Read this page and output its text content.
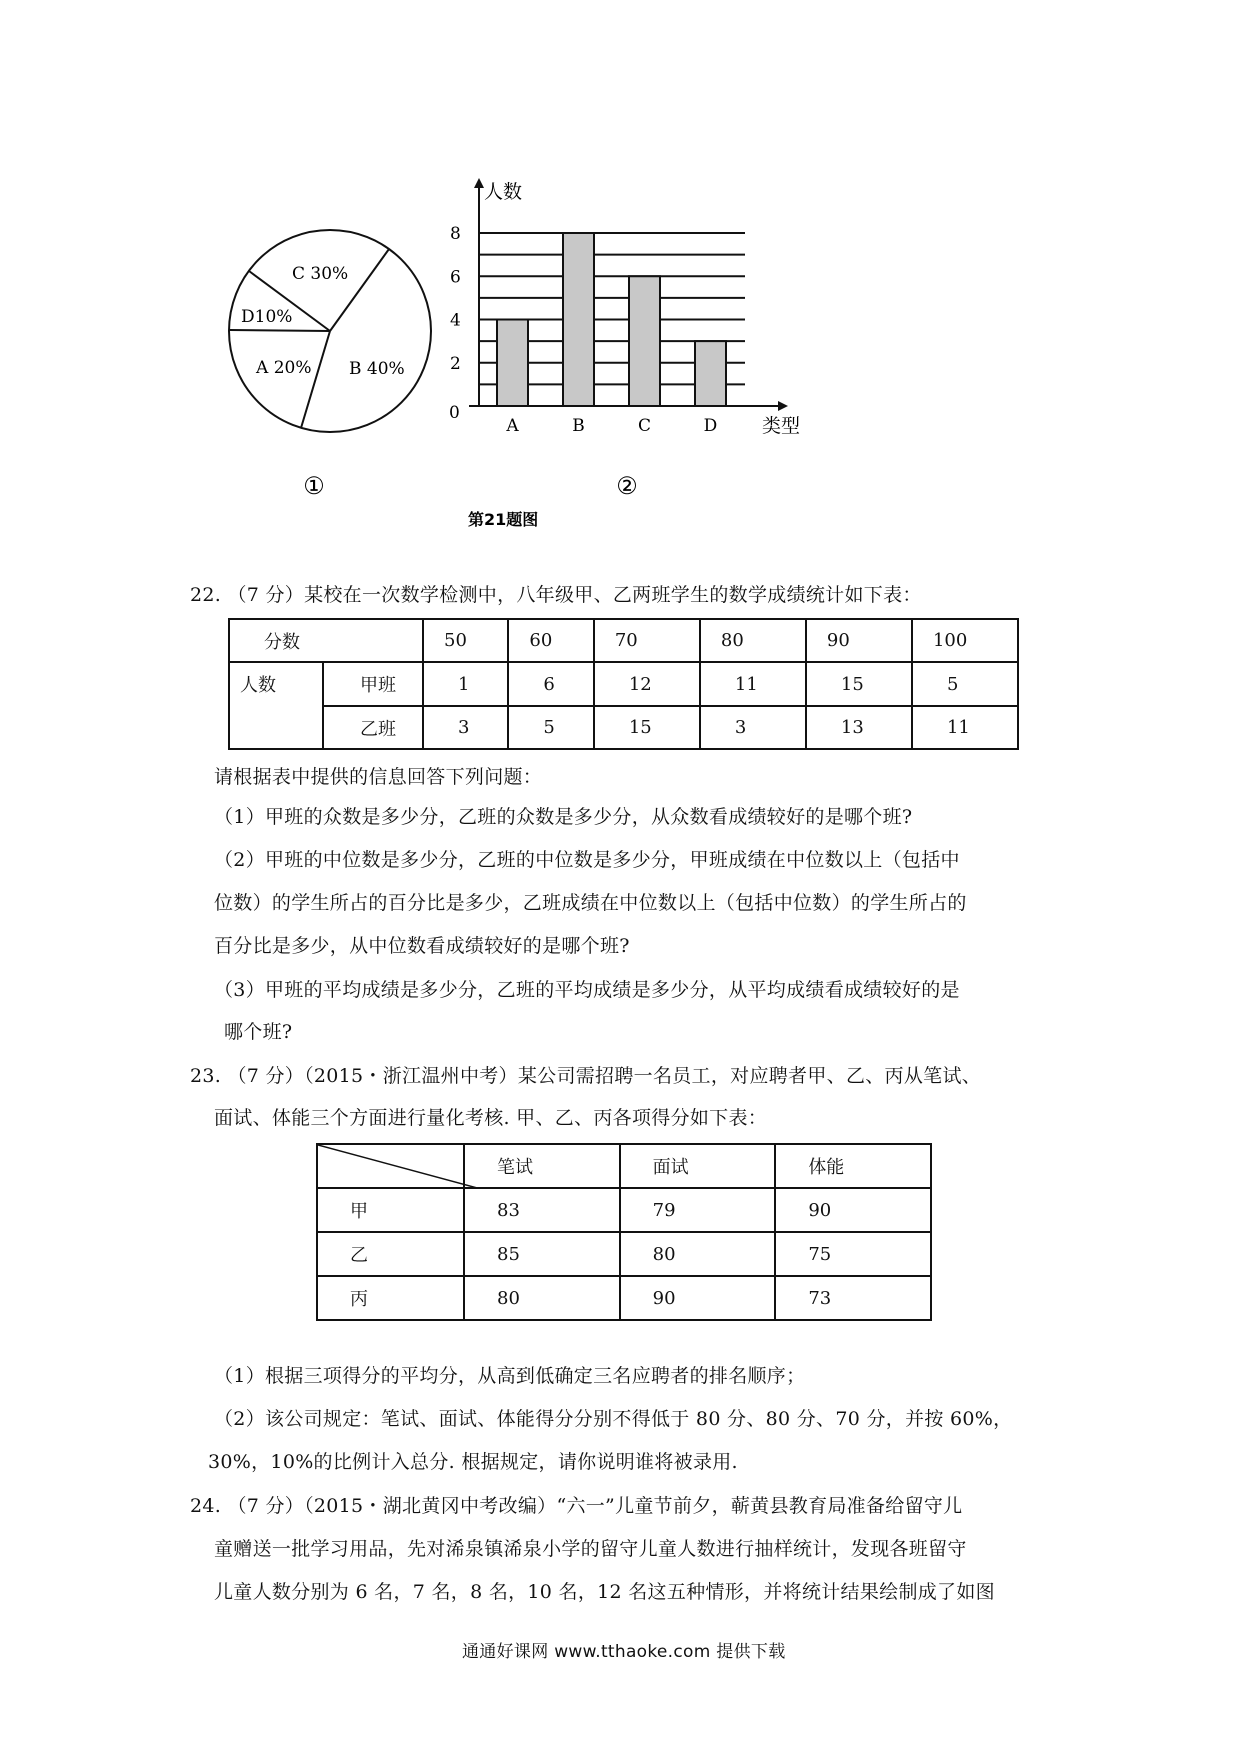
C 30%
B 40%
A 20%
D10%
0
2
4
6
8
A	B	C	D
人数
类型
①	②
第21题图
22. （7 分）某校在一次数学检测中，八年级甲、乙两班学生的数学成绩统计如下表：
分数		50	60	70	80	90	100
人数	甲班	1	6	12	11	15	5
	乙班	3	5	15	3	13	11
请根据表中提供的信息回答下列问题：
（1）甲班的众数是多少分，乙班的众数是多少分，从众数看成绩较好的是哪个班?
（2）甲班的中位数是多少分，乙班的中位数是多少分，甲班成绩在中位数以上（包括中
位数）的学生所占的百分比是多少，乙班成绩在中位数以上（包括中位数）的学生所占的
百分比是多少，从中位数看成绩较好的是哪个班?
（3）甲班的平均成绩是多少分，乙班的平均成绩是多少分，从平均成绩看成绩较好的是
哪个班?
23. （7 分）（2015・浙江温州中考）某公司需招聘一名员工，对应聘者甲、乙、丙从笔试、
面试、体能三个方面进行量化考核. 甲、乙、丙各项得分如下表：
	笔试	面试	体能
甲	83	79	90
乙	85	80	75
丙	80	90	73
（1）根据三项得分的平均分，从高到低确定三名应聘者的排名顺序；
（2）该公司规定：笔试、面试、体能得分分别不得低于 80 分、80 分、70 分，并按 60%，
30%，10%的比例计入总分. 根据规定，请你说明谁将被录用.
24. （7 分）（2015・湖北黄冈中考改编）“六一”儿童节前夕，蕲黄县教育局准备给留守儿
童赠送一批学习用品，先对浠泉镇浠泉小学的留守儿童人数进行抽样统计，发现各班留守
儿童人数分别为 6 名，7 名，8 名，10 名，12 名这五种情形，并将统计结果绘制成了如图
通通好课网 www.tthaoke.com 提供下载
